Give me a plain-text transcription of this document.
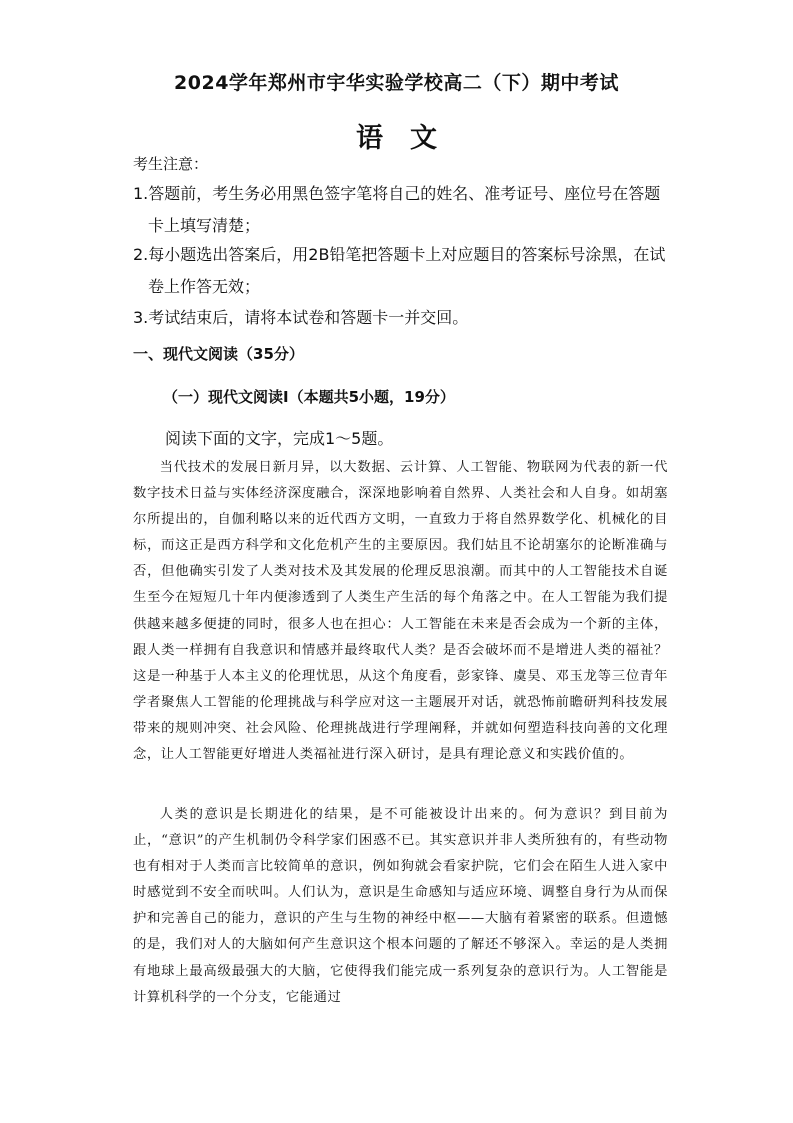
2024学年郑州市宇华实验学校高二（下）期中考试
语　文
考生注意：
1.答题前，考生务必用黑色签字笔将自己的姓名、准考证号、座位号在答题
卡上填写清楚；
2.每小题选出答案后，用2B铅笔把答题卡上对应题目的答案标号涂黑，在试
卷上作答无效；
3.考试结束后，请将本试卷和答题卡一并交回。
一、现代文阅读（35分）
（一）现代文阅读Ⅰ（本题共5小题，19分）
阅读下面的文字，完成1～5题。
当代技术的发展日新月异，以大数据、云计算、人工智能、物联网为代表的新一代数字技术日益与实体经济深度融合，深深地影响着自然界、人类社会和人自身。如胡塞尔所提出的，自伽利略以来的近代西方文明，一直致力于将自然界数学化、机械化的目标，而这正是西方科学和文化危机产生的主要原因。我们姑且不论胡塞尔的论断准确与否，但他确实引发了人类对技术及其发展的伦理反思浪潮。而其中的人工智能技术自诞生至今在短短几十年内便渗透到了人类生产生活的每个角落之中。在人工智能为我们提供越来越多便捷的同时，很多人也在担心：人工智能在未来是否会成为一个新的主体，跟人类一样拥有自我意识和情感并最终取代人类？是否会破坏而不是增进人类的福祉？这是一种基于人本主义的伦理忧思，从这个角度看，彭家锋、虞昊、邓玉龙等三位青年学者聚焦人工智能的伦理挑战与科学应对这一主题展开对话，就恐怖前瞻研判科技发展带来的规则冲突、社会风险、伦理挑战进行学理阐释，并就如何塑造科技向善的文化理念，让人工智能更好增进人类福祉进行深入研讨，是具有理论意义和实践价值的。
人类的意识是长期进化的结果，是不可能被设计出来的。何为意识？到目前为止，“意识”的产生机制仍令科学家们困惑不已。其实意识并非人类所独有的，有些动物也有相对于人类而言比较简单的意识，例如狗就会看家护院，它们会在陌生人进入家中时感觉到不安全而吠叫。人们认为，意识是生命感知与适应环境、调整自身行为从而保护和完善自己的能力，意识的产生与生物的神经中枢——大脑有着紧密的联系。但遗憾的是，我们对人的大脑如何产生意识这个根本问题的了解还不够深入。幸运的是人类拥有地球上最高级最强大的大脑，它使得我们能完成一系列复杂的意识行为。人工智能是计算机科学的一个分支，它能通过
